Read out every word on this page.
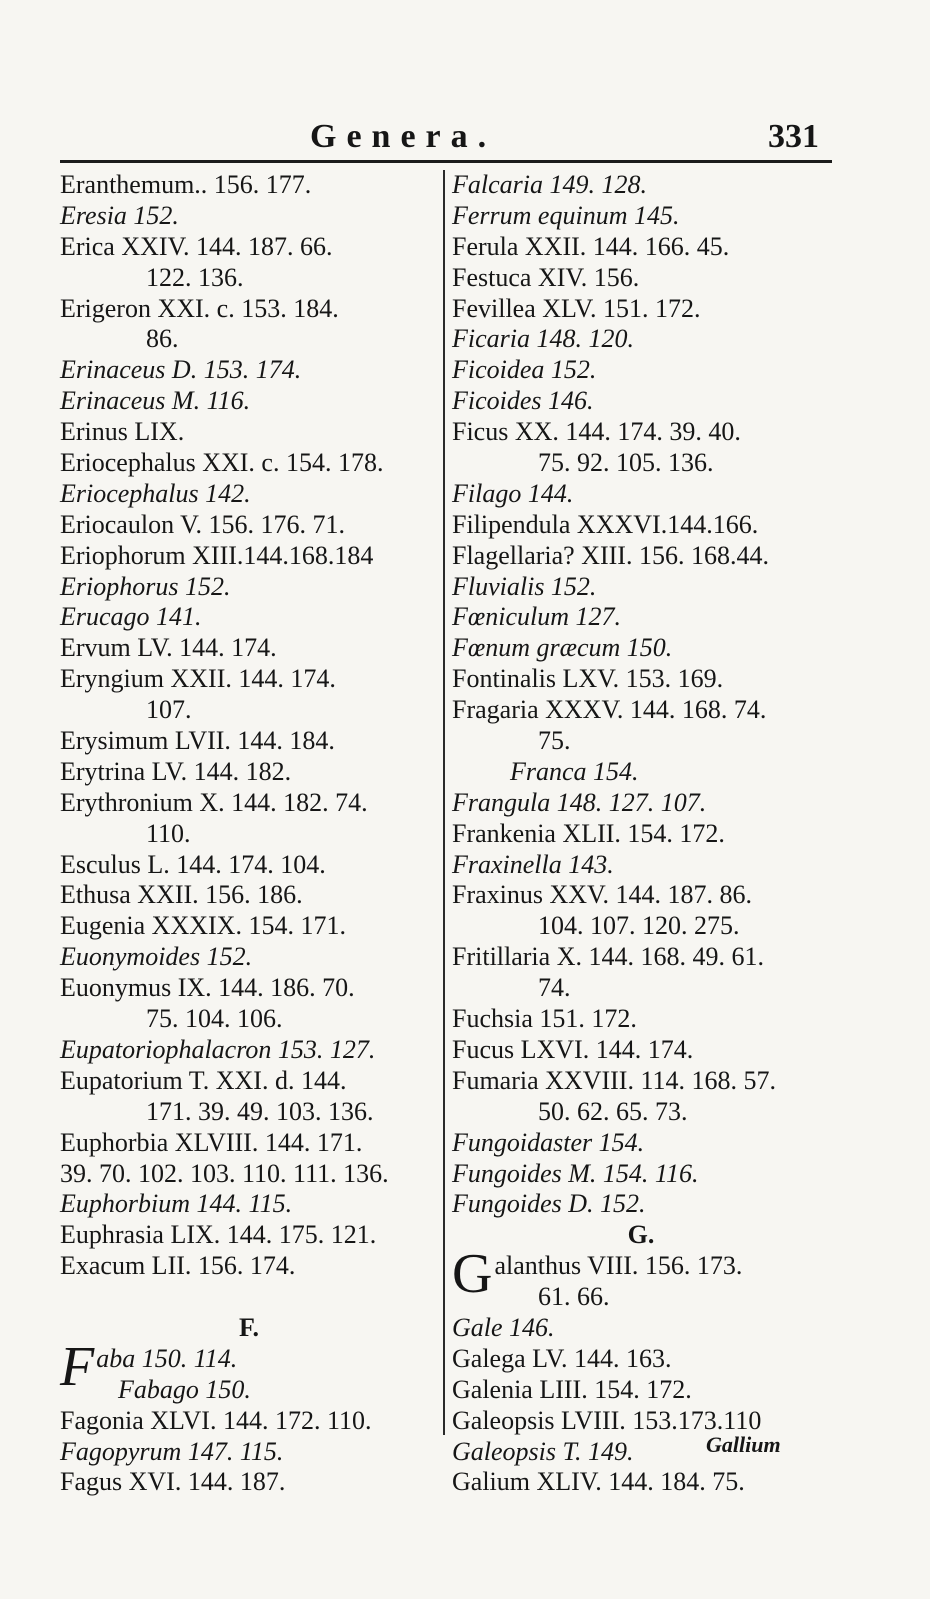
Genera.	331
Eranthemum.. 156. 177.
Eresia 152.
Erica XXIV. 144. 187. 66.
122. 136.
Erigeron XXI. c. 153. 184.
86.
Erinaceus D. 153. 174.
Erinaceus M. 116.
Erinus LIX.
Eriocephalus XXI. c. 154. 178.
Eriocephalus 142.
Eriocaulon V. 156. 176. 71.
Eriophorum XIII.144.168.184
Eriophorus 152.
Erucago 141.
Ervum LV. 144. 174.
Eryngium XXII. 144. 174.
107.
Erysimum LVII. 144. 184.
Erytrina LV. 144. 182.
Erythronium X. 144. 182. 74.
110.
Esculus L. 144. 174. 104.
Ethusa XXII. 156. 186.
Eugenia XXXIX. 154. 171.
Euonymoides 152.
Euonymus IX. 144. 186. 70.
75. 104. 106.
Eupatoriophalacron 153. 127.
Eupatorium T. XXI. d. 144.
171. 39. 49. 103. 136.
Euphorbia XLVIII. 144. 171.
39. 70. 102. 103. 110. 111. 136.
Euphorbium 144. 115.
Euphrasia LIX. 144. 175. 121.
Exacum LII. 156. 174.
F.
Faba 150. 114.
Fabago 150.
Fagonia XLVI. 144. 172. 110.
Fagopyrum 147. 115.
Fagus XVI. 144. 187.
Falcaria 149. 128.
Ferrum equinum 145.
Ferula XXII. 144. 166. 45.
Festuca XIV. 156.
Fevillea XLV. 151. 172.
Ficaria 148. 120.
Ficoidea 152.
Ficoides 146.
Ficus XX. 144. 174. 39. 40.
75. 92. 105. 136.
Filago 144.
Filipendula XXXVI.144.166.
Flagellaria? XIII. 156. 168.44.
Fluvialis 152.
Fœniculum 127.
Fœnum græcum 150.
Fontinalis LXV. 153. 169.
Fragaria XXXV. 144. 168. 74.
75.
Franca 154.
Frangula 148. 127. 107.
Frankenia XLII. 154. 172.
Fraxinella 143.
Fraxinus XXV. 144. 187. 86.
104. 107. 120. 275.
Fritillaria X. 144. 168. 49. 61.
74.
Fuchsia 151. 172.
Fucus LXVI. 144. 174.
Fumaria XXVIII. 114. 168. 57.
50. 62. 65. 73.
Fungoidaster 154.
Fungoides M. 154. 116.
Fungoides D. 152.
G.
Galanthus VIII. 156. 173.
61. 66.
Gale 146.
Galega LV. 144. 163.
Galenia LIII. 154. 172.
Galeopsis LVIII. 153.173.110
Galeopsis T. 149.
Galium XLIV. 144. 184. 75.
Gallium
